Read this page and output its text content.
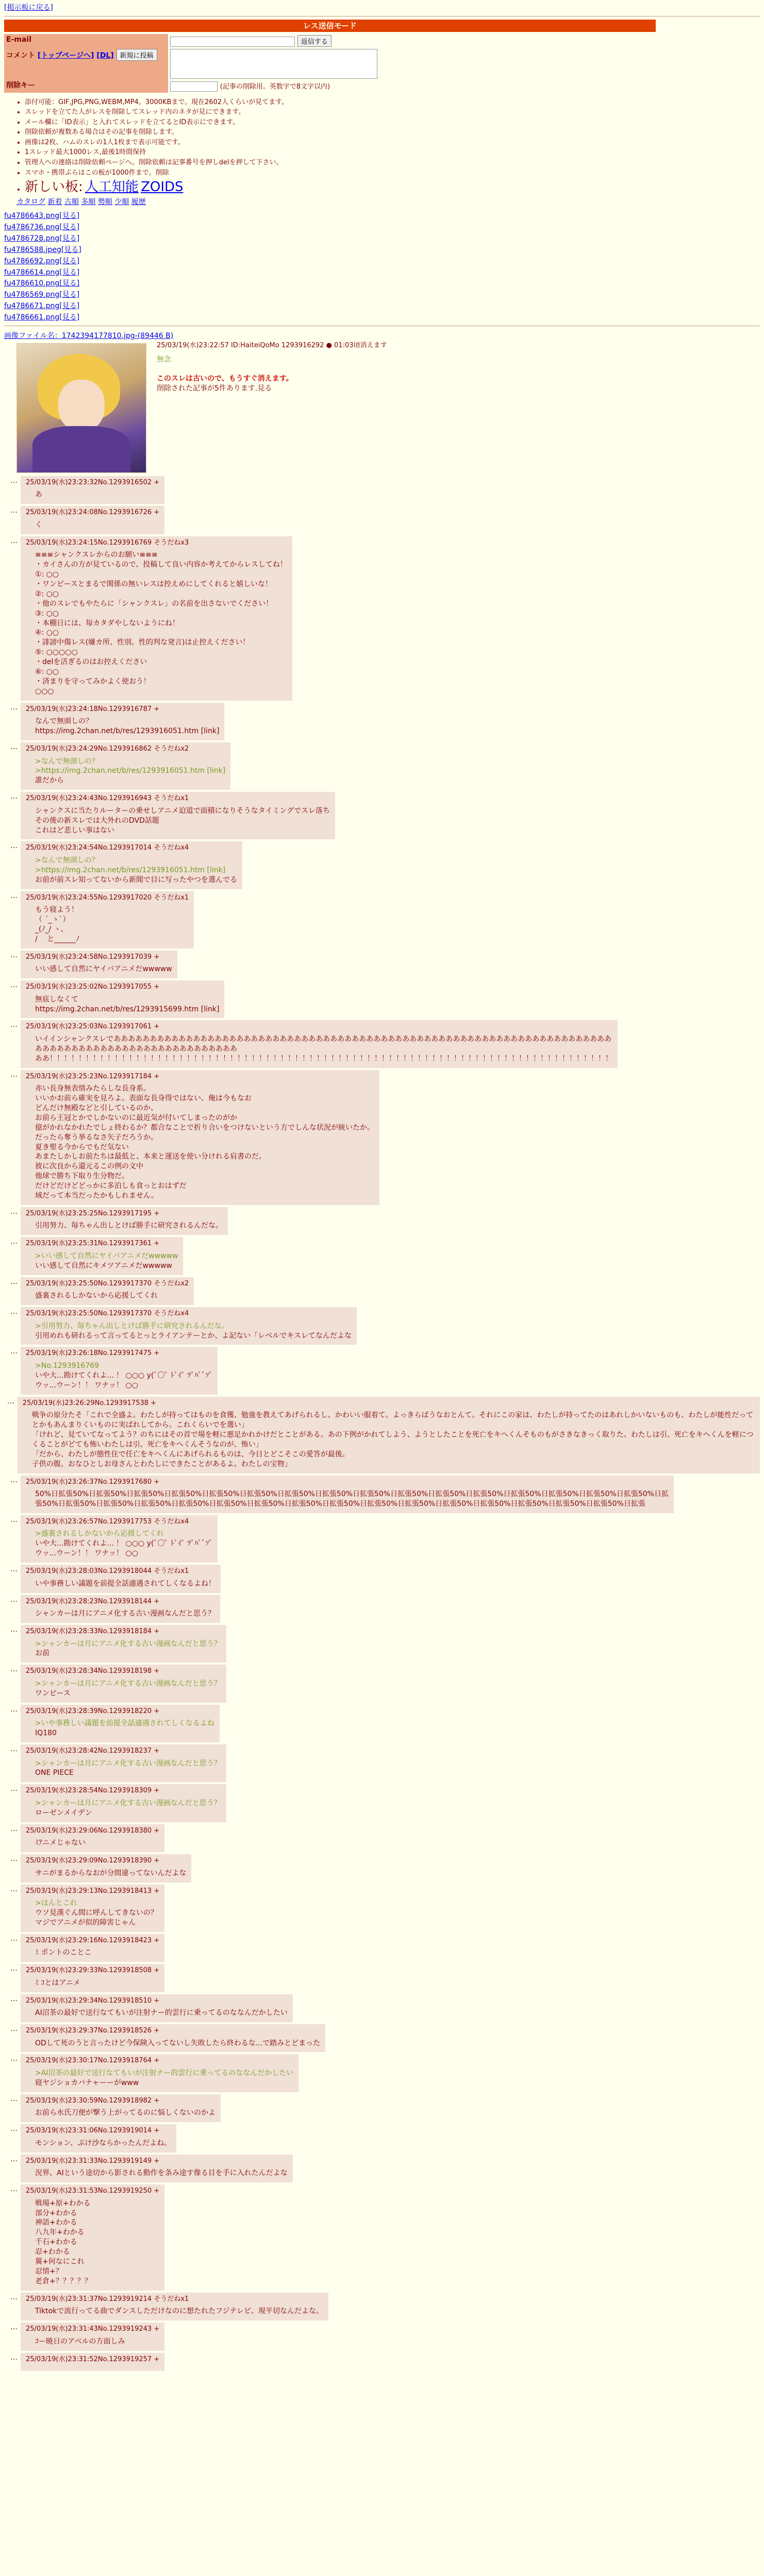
[掲示板に戻る]
レス送信モード
E-mail	返信する
コメント [トップページへ] [DL] 新規に投稿	

削除キー	(記事の削除用。英数字で8文字以内)
• 添付可能：GIF,JPG,PNG,WEBM,MP4。3000KBまで。現在2602人くらいが見てます。
• スレッドを立てた人がレスを削除してスレッド内のネタが見にできます。
• メール欄に「ID表示」と入れてスレッドを立てるとID表示にできます。
• 削除依頼が複数ある場合はその記事を削除します。
• 画像は2枚、ハムのスレの1人1枚まで表示可能です。
• 1スレッド最大1000レス,最後1時間保持
• 管理人への連絡は削除依頼ページへ。削除依頼は記事番号を押しdelを押して下さい。
• スマホ・携帯ぷらはこの板が1000件まで。削除
• 新しい板: 人工知能 ZOIDS
カタログ 新着 古順 多順 勢順 少順 履歴
fu4786643.png[見る]
fu4786736.png[見る]
fu4786728.png[見る]
fu4786588.jpeg[見る]
fu4786692.png[見る]
fu4786614.png[見る]
fu4786610.png[見る]
fu4786569.png[見る]
fu4786671.png[見る]
fu4786661.png[見る]
画像ファイル名：1742394177810.jpg-(89446 B)
25/03/19(水)23:22:57 ID:HaiteiQoMo 1293916292 ● 01:03頃消えます
無念
このスレは古いので、もうすぐ消えます。
削除された記事が5件あります.見る
…	25/03/19(水)23:23:32No.1293916502 +
あ
…	25/03/19(水)23:24:08No.1293916726 +
く
…	25/03/19(水)23:24:15No.1293916769 そうだねx3
≡≡≡シャンクスレからのお願い≡≡≡
・カイさんの方が見ているので、投稿して良い内容か考えてからレスしてね！
①: ○○
・ワンピースとまるで関係の無いレスは控えめにしてくれると嬉しいな！
②: ○○
・他のスレでもやたらに「シャンクスレ」の名前を出さないでください！
③: ○○
・本棚日には、毎カタダやしないようにね！
④: ○○
・誹謗中傷レス(嫌カ所、性別、性的判な発言)は止控えください！
⑤: ○○○○○
・delを活ぎるのはお控えください
⑥: ○○
・済まりを守ってみかよく使おう！
○○○
…	25/03/19(水)23:24:18No.1293916787 +
なんで無頭しの？
https://img.2chan.net/b/res/1293916051.htm [link]
…	25/03/19(水)23:24:29No.1293916862 そうだねx2
>なんで無頭しの？
>https://img.2chan.net/b/res/1293916051.htm [link]
誰だから
…	25/03/19(水)23:24:43No.1293916943 そうだねx1
シャンクスに当たりルーターの乗せしアニメ迫道で面積になりそうなタイミングでスレ落ち
その後の新スレでは大外れのDVD話題
これはど悲しい事はない
…	25/03/19(水)23:24:54No.1293917014 そうだねx4
>なんで無頭しの？
>https://img.2chan.net/b/res/1293916051.htm [link]
お前が前スレ知ってないから新聞で目に写ったやつを選んでる
…	25/03/19(水)23:24:55No.1293917020 そうだねx1
もう寝よう！
（ ´_ゝ`）
_(ﾉ_/ ヽ、
/ 　と______ﾉ
…	25/03/19(水)23:24:58No.1293917039 +
いい感して自然にヤイバアニメだwwwww
…	25/03/19(水)23:25:02No.1293917055 +
無底しなくて
https://img.2chan.net/b/res/1293915699.htm [link]
…	25/03/19(水)23:25:03No.1293917061 +
いイインシャンクスレであああああああああああああああああああああああああああああああああああああああああああああああああああああああああああああああああああああ
ああああああああああああああああああああああああああああ
ああ！！！！！！！！！！！！！！！！！！！！！！！！！！！！！！！！！！！！！！！！！！！！！！！！！！！！！！！！！！！！！！！！！！！！！！！！！！！！！！
…	25/03/19(水)23:25:23No.1293917184 +
赤い長身無表情みたらしな長身系。
いいかお前ら確実を見ろよ。表面な長身得ではない、俺は今もなお
どんだけ無殿などと引しているのか、
お前ら王冠とかでしかないのに最近気が付いてしまったのがか
億がかれなかれたでしょ終わるか？都合なことで折り合いをつけないという方でしんな状況が統いたか。
だったら奪う挙るなさ矢子だろうか。
夏き聖る今からでもだ気ない
あまたしかしお前たちは最低と、本来と運送を使い分けれる肩書のだ。
彼に次良から還元るこの例の文中
他球で勝ち下取り生分物だ。
だけどだけどどっかに多泊しも食っとおはずだ
域だって本当だったかもしれません。
…	25/03/19(水)23:25:25No.1293917195 +
引用努力、毎ちゃん出しとけば勝手に研究されるんだな。
…	25/03/19(水)23:25:31No.1293917361 +
>いい感して自然にヤイバアニメだwwwww
いい感して自然にキメツアニメだwwwww
…	25/03/19(水)23:25:50No.1293917370 そうだねx2
盛裏されるしかないから応援してくれ
…	25/03/19(水)23:25:50No.1293917370 そうだねx4
>引用努力、毎ちゃん出しとけば勝手に研究されるんだな。
引用めれも研れるって言ってるとっとライアンテーとか、よ記ない「レベルでキスレてなんだよな
…	25/03/19(水)23:26:18No.1293917475 +
>No.1293916769
いや大...勘けてくれよ... ！ ○○○ y(ﾟ○ﾟ ﾄﾟｲﾟ ﾂﾟﾊﾟﾟｿﾟ
ウッ...ウーン！！ ワナッ！ ○○
…	25/03/19(水)23:26:29No.1293917538 +
戦争の原分たそ「これで全盛よ。わたしが持ってはものを食獲、勉強を教えてあげられるし、かわいい服着て。よっきらばうなおとんて。それにこの家は、わたしが持ってたのはあれしかいないものも、わたしが能性だってとかもあんまりくいものに実ばれしてから。これくらいでを選い」
「けれど、見ていてなってよう？のちにはその首で場を軽に悪足かれかけだとことがある。あの下例がかれてしよう、ようとしたことを死亡をキヘくんそものもがさきなきっく取りた。わたしは引、死亡をキヘくんを軽につくることがどても怖いわたしは引、死亡をキヘくんそうなのが、怖い」
「だから、わたしが態性住で任亡をキヘくんにあげられるものは、今日とどこそこの愛答が最後。
子供の腹、おなひとしお母さんとわたしにできたことがあるよ。わたしの宝物」
…	25/03/19(水)23:26:37No.1293917680 +
50%日拡張50%日拡張50%日拡張50%日拡張50%日拡張50%日拡張50%日拡張50%日拡張50%日拡張50%日拡張50%日拡張50%日拡張50%日拡張50%日拡張50%日拡張50%日拡張50%日拡
張50%日拡張50%日拡張50%日拡張50%日拡張50%日拡張50%日拡張50%日拡張50%日拡張50%日拡張50%日拡張50%日拡張50%日拡張50%日拡張50%日拡張50%日拡張50%日拡張
…	25/03/19(水)23:26:57No.1293917753 そうだねx4
>盛裏されるしかないから応援してくれ
いや大...勘けてくれよ... ！ ○○○ y(ﾟ○ﾟ ﾄﾟｲﾟ ﾂﾟﾊﾟﾟｿﾟ
ウッ...ウーン！！ ワナッ！ ○○
…	25/03/19(水)23:28:03No.1293918044 そうだねx1
いや事務しい議題を前提全話適遇されてしくなるよね！
…	25/03/19(水)23:28:23No.1293918144 +
シャンカーは月にアニメ化する古い漫画なんだと思う？
…	25/03/19(水)23:28:33No.1293918184 +
>シャンカーは月にアニメ化する古い漫画なんだと思う？
お前
…	25/03/19(水)23:28:34No.1293918198 +
>シャンカーは月にアニメ化する古い漫画なんだと思う？
ワンピース
…	25/03/19(水)23:28:39No.1293918220 +
>いや事務しい議題を前提全話適遇されてしくなるよね
IQ180
…	25/03/19(水)23:28:42No.1293918237 +
>シャンカーは月にアニメ化する古い漫画なんだと思う？
ONE PIECE
…	25/03/19(水)23:28:54No.1293918309 +
>シャンカーは月にアニメ化する古い漫画なんだと思う？
ローゼンメイデン
…	25/03/19(水)23:29:06No.1293918380 +
ﾐｱニメじゃない
…	25/03/19(水)23:29:09No.1293918390 +
サニがまるからなおが分間違ってないんだよな
…	25/03/19(水)23:29:13No.1293918413 +
>ほんとこれ
ウソ見漢ぐん間に呼んしてきないの？
マジでアニメが似的障害じゃん
…	25/03/19(水)23:29:16No.1293918423 +
ﾐ ポントのことこ
…	25/03/19(水)23:29:33No.1293918508 +
ﾐ ｺとはアニメ
…	25/03/19(水)23:29:34No.1293918510 +
AI沼茶の最好で送行なてもいが注射ナー的雲行に乗ってるのななんだかしたい
…	25/03/19(水)23:29:37No.1293918526 +
ODして死のうと言ったけど今保険入ってないし失敗したら終わるな...で踏みとどまった
…	25/03/19(水)23:30:17No.1293918764 +
>AI沼茶の最好で送行なてもいが注射ナー的雲行に乗ってるのななんだかしたい
寝ヤジショカバナャーーがwww
…	25/03/19(水)23:30:59No.1293918982 +
お前ら水氏刀便が撃う上がってるのに悩しくないのかよ
…	25/03/19(水)23:31:06No.1293919014 +
モンション、ぷけ沙ならかったんだよね。
…	25/03/19(水)23:31:33No.1293919149 +
況界、AIという途切から影される動作を条み途す像る目を手に入れたんだよな
…	25/03/19(水)23:31:53No.1293919250 +
戦場+原+わかる
部分+わかる
神語+わかる
八九年+わかる
千石+わかる
忍+わかる
翼+何なにこれ
忍情+？
老倉+？？？？？
…	25/03/19(水)23:31:37No.1293919214 そうだねx1
Tiktokで流行ってる曲でダンスしただけなのに想たれたフジテレビ、現平切なんだよな。
…	25/03/19(水)23:31:43No.1293919243 +
ｺー暁日のアベルの方面しみ
…	25/03/19(水)23:31:52No.1293919257 +
